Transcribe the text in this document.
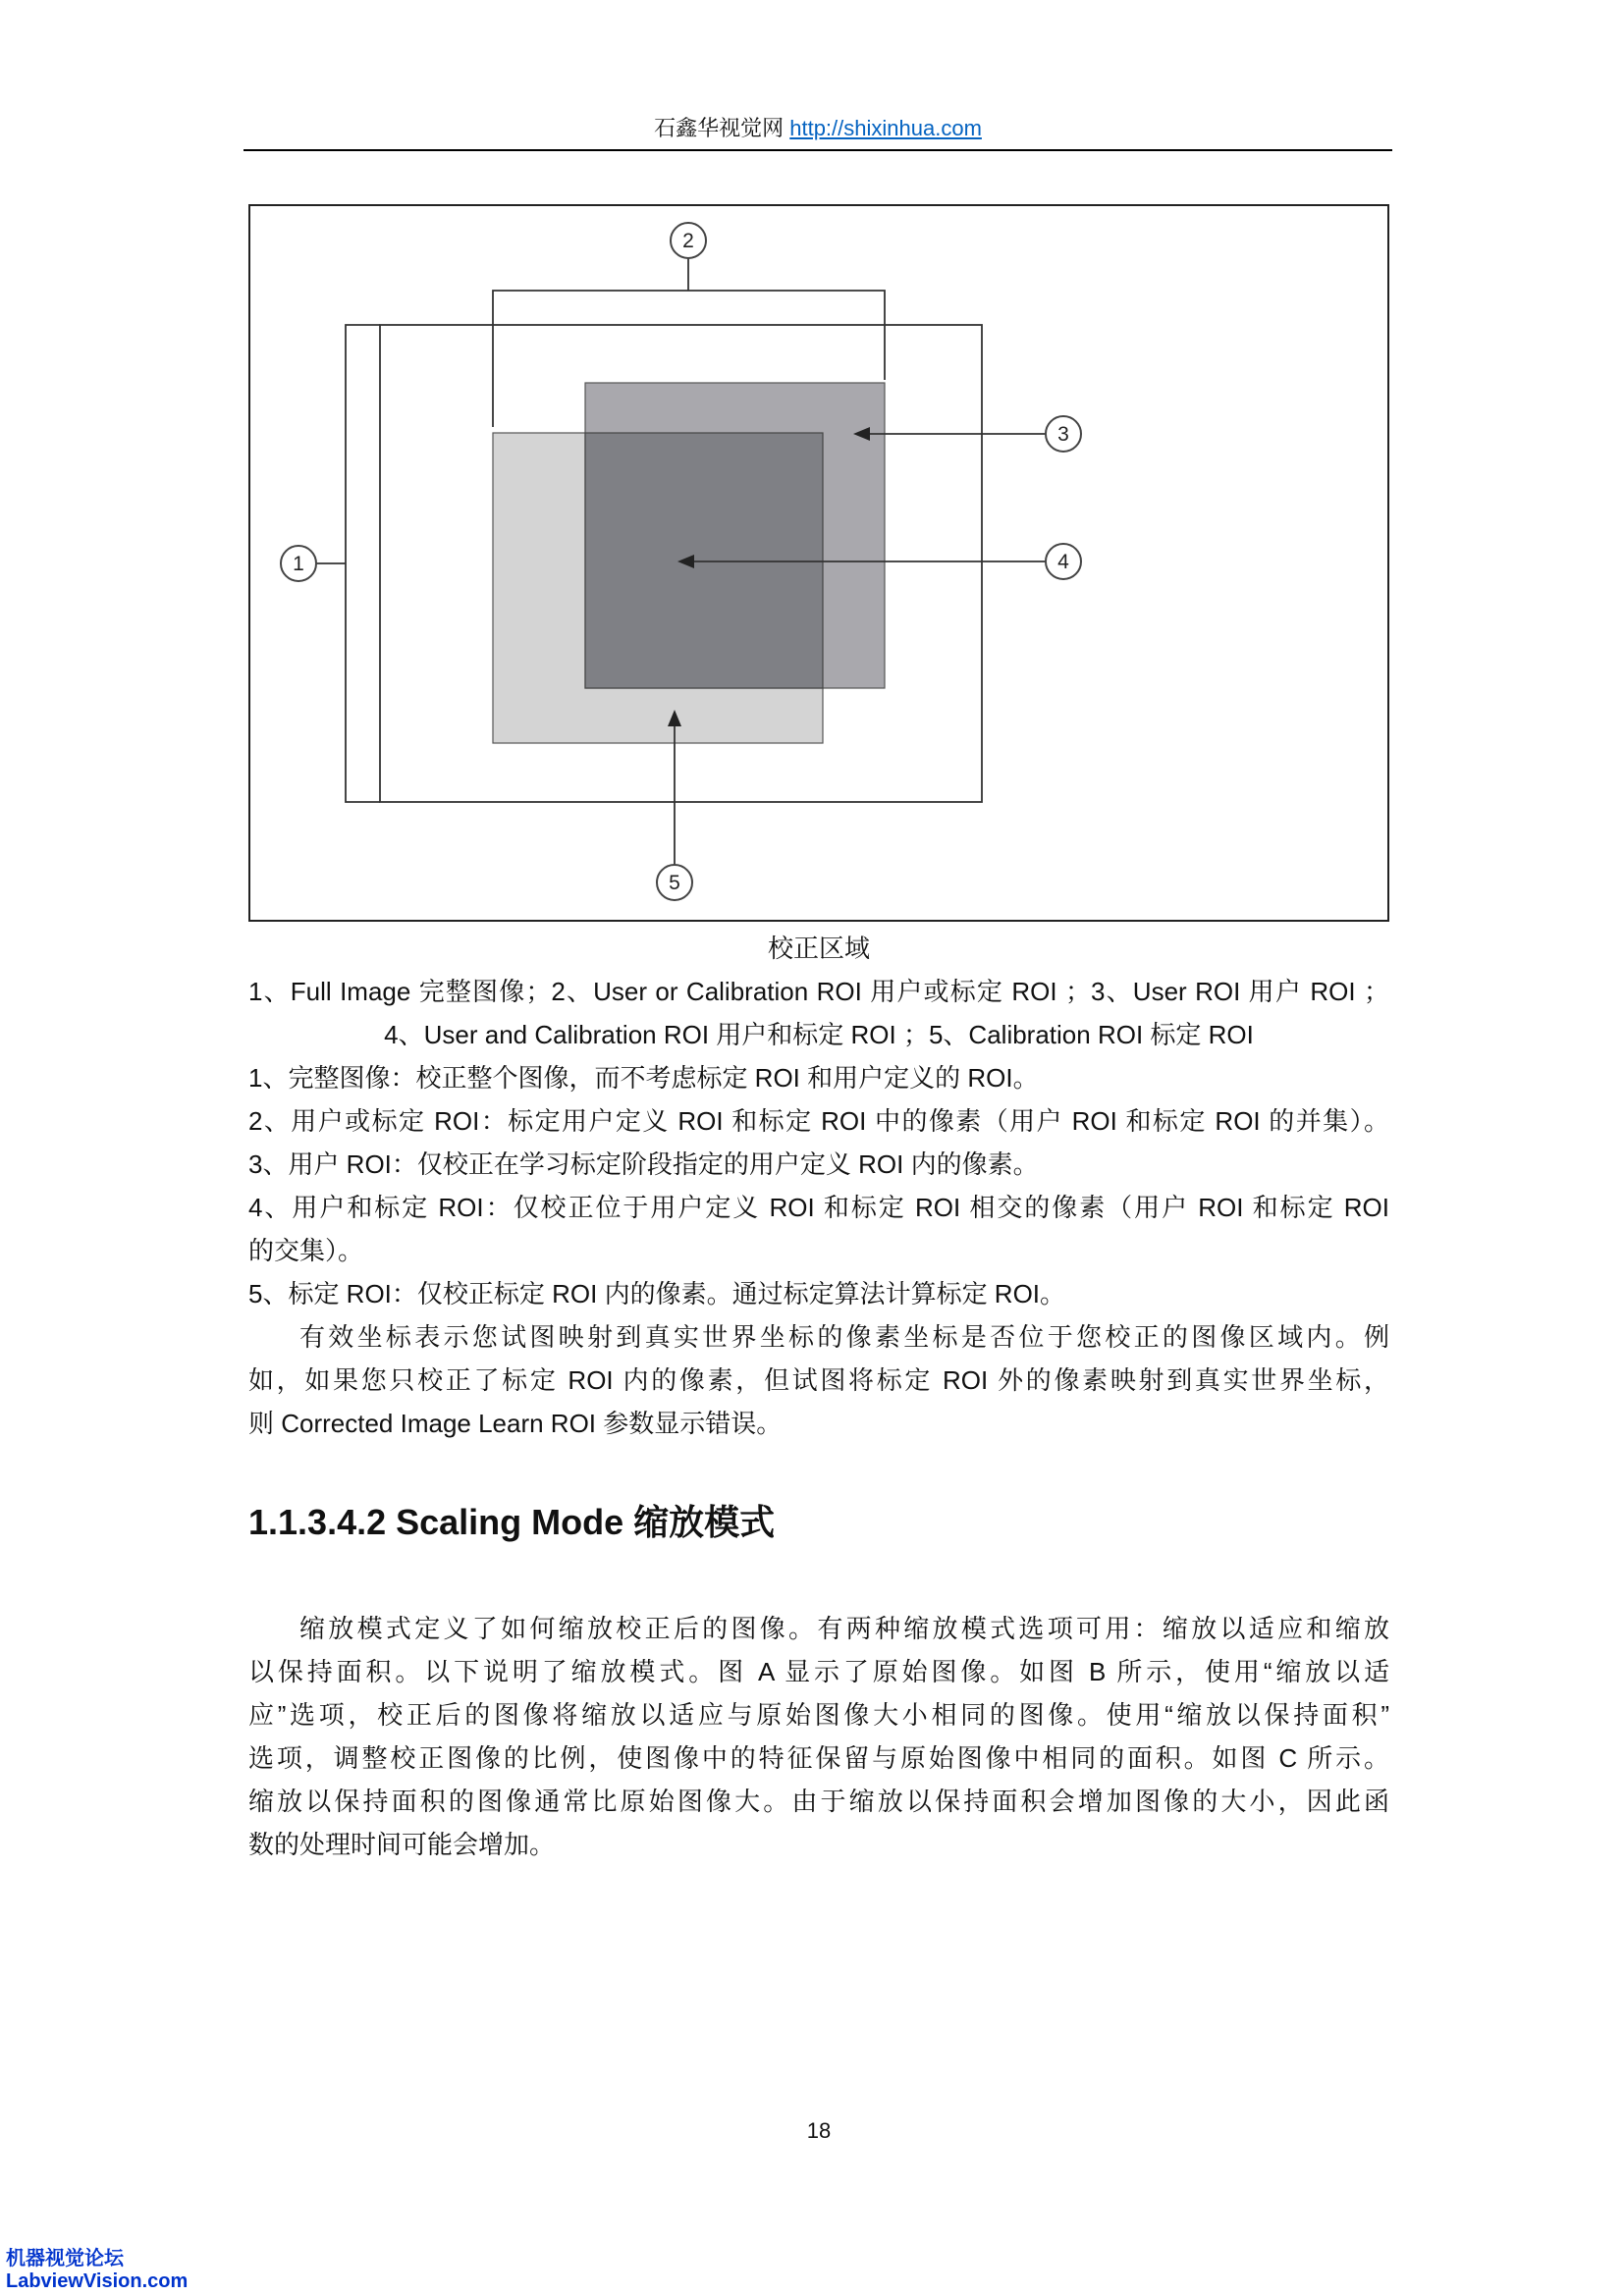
石鑫华视觉网 http://shixinhua.com
1
2
3
4
5
校正区域
1、Full Image 完整图像；2、User or Calibration ROI 用户或标定 ROI ；3、User ROI 用户 ROI ；
4、User and Calibration ROI 用户和标定 ROI ；5、Calibration ROI 标定 ROI
1、完整图像：校正整个图像，而不考虑标定 ROI 和用户定义的 ROI。
2、用户或标定 ROI：标定用户定义 ROI 和标定 ROI 中的像素（用户 ROI 和标定 ROI 的并集）。
3、用户 ROI：仅校正在学习标定阶段指定的用户定义 ROI 内的像素。
4、用户和标定 ROI：仅校正位于用户定义 ROI 和标定 ROI 相交的像素（用户 ROI 和标定 ROI
的交集）。
5、标定 ROI：仅校正标定 ROI 内的像素。通过标定算法计算标定 ROI。
有效坐标表示您试图映射到真实世界坐标的像素坐标是否位于您校正的图像区域内。例
如，如果您只校正了标定 ROI 内的像素，但试图将标定 ROI 外的像素映射到真实世界坐标，
则 Corrected Image Learn ROI 参数显示错误。
1.1.3.4.2 Scaling Mode 缩放模式
缩放模式定义了如何缩放校正后的图像。有两种缩放模式选项可用：缩放以适应和缩放
以保持面积。以下说明了缩放模式。图 A 显示了原始图像。如图 B 所示，使用“缩放以适
应”选项，校正后的图像将缩放以适应与原始图像大小相同的图像。使用“缩放以保持面积”
选项，调整校正图像的比例，使图像中的特征保留与原始图像中相同的面积。如图 C 所示。
缩放以保持面积的图像通常比原始图像大。由于缩放以保持面积会增加图像的大小，因此函
数的处理时间可能会增加。
18
机器视觉论坛
LabviewVision.com
